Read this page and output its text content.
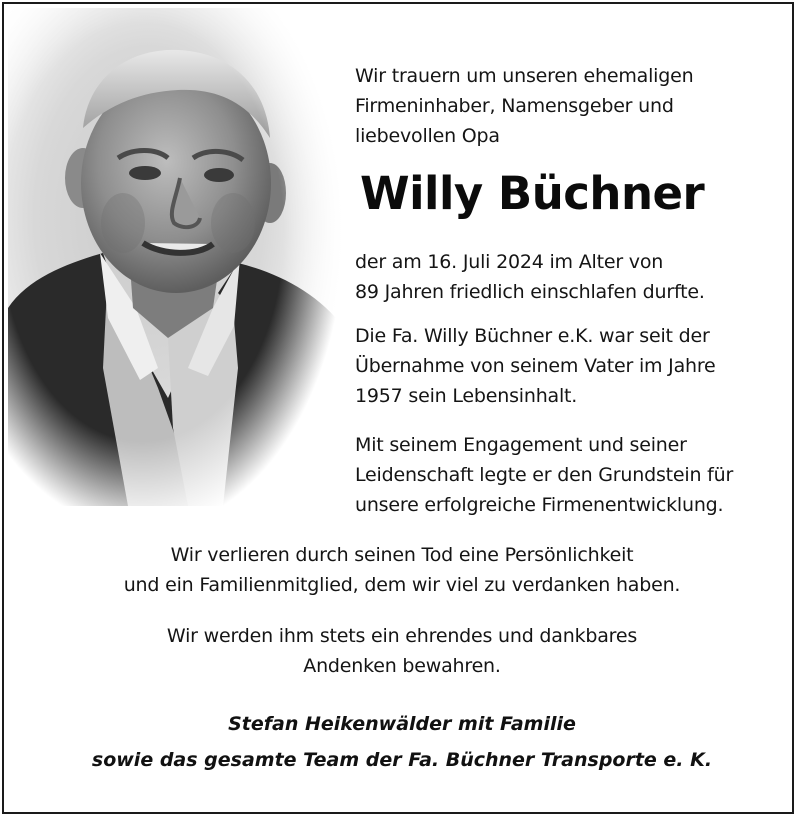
Wir trauern um unseren ehemaligen
Firmeninhaber, Namensgeber und
liebevollen Opa
Willy Büchner
der am 16. Juli 2024 im Alter von
89 Jahren friedlich einschlafen durfte.
Die Fa. Willy Büchner e.K. war seit der
Übernahme von seinem Vater im Jahre
1957 sein Lebensinhalt.
Mit seinem Engagement und seiner
Leidenschaft legte er den Grundstein für
unsere erfolgreiche Firmenentwicklung.
Wir verlieren durch seinen Tod eine Persönlichkeit
und ein Familienmitglied, dem wir viel zu verdanken haben.
Wir werden ihm stets ein ehrendes und dankbares
Andenken bewahren.
Stefan Heikenwälder mit Familie
sowie das gesamte Team der Fa. Büchner Transporte e. K.
